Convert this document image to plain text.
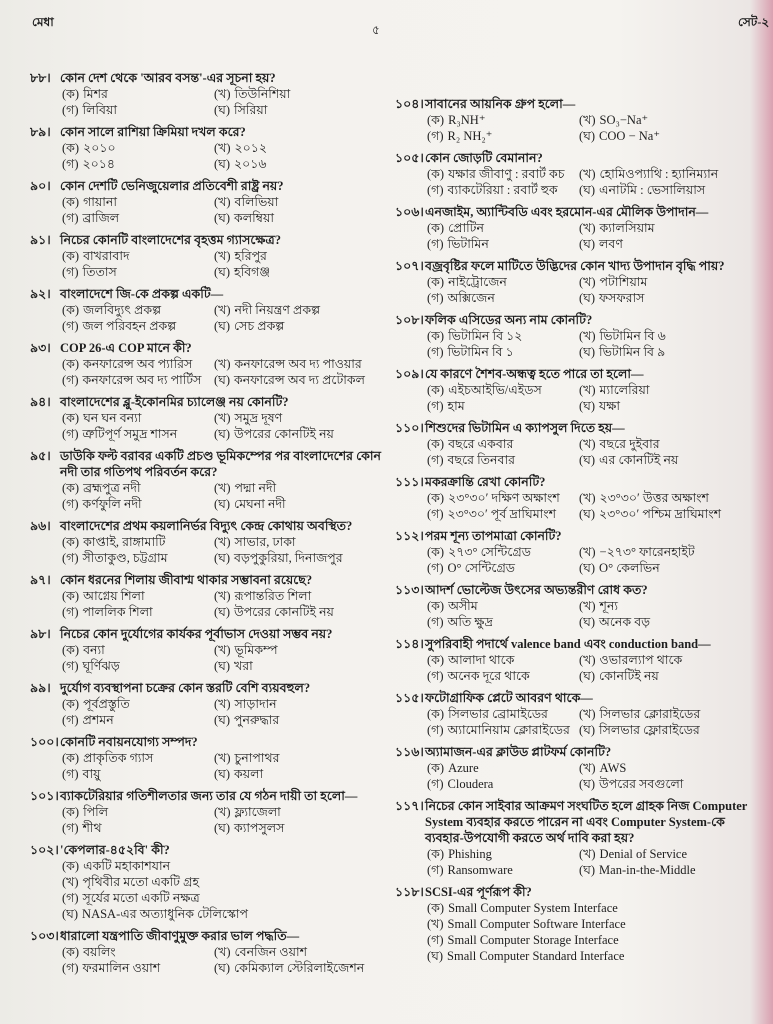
মেধা
৫
সেট-২
৮৮। কোন দেশ থেকে 'আরব বসন্ত'-এর সূচনা হয়?
(ক) মিশর	(খ) তিউনিশিয়া
(গ) লিবিয়া	(ঘ) সিরিয়া
৮৯। কোন সালে রাশিয়া ক্রিমিয়া দখল করে?
(ক) ২০১০	(খ) ২০১২
(গ) ২০১৪	(ঘ) ২০১৬
৯০। কোন দেশটি ভেনিজুয়েলার প্রতিবেশী রাষ্ট্র নয়?
(ক) গায়ানা	(খ) বলিভিয়া
(গ) ব্রাজিল	(ঘ) কলম্বিয়া
৯১। নিচের কোনটি বাংলাদেশের বৃহত্তম গ্যাসক্ষেত্র?
(ক) বাখরাবাদ	(খ) হরিপুর
(গ) তিতাস	(ঘ) হবিগঞ্জ
৯২। বাংলাদেশে জি-কে প্রকল্প একটি—
(ক) জলবিদ্যুৎ প্রকল্প	(খ) নদী নিয়ন্ত্রণ প্রকল্প
(গ) জল পরিবহন প্রকল্প	(ঘ) সেচ প্রকল্প
৯৩। COP 26-এ COP মানে কী?
(ক) কনফারেন্স অব প্যারিস	(খ) কনফারেন্স অব দ্য পাওয়ার
(গ) কনফারেন্স অব দ্য পার্টিস	(ঘ) কনফারেন্স অব দ্য প্রটোকল
৯৪। বাংলাদেশের ব্লু-ইকোনমির চ্যালেঞ্জ নয় কোনটি?
(ক) ঘন ঘন বন্যা	(খ) সমুদ্র দূষণ
(গ) ত্রুটিপূর্ণ সমুদ্র শাসন	(ঘ) উপরের কোনটিই নয়
৯৫। ডাউকি ফল্ট বরাবর একটি প্রচণ্ড ভূমিকম্পের পর বাংলাদেশের কোন নদী তার গতিপথ পরিবর্তন করে?
(ক) ব্রহ্মপুত্র নদী	(খ) পদ্মা নদী
(গ) কর্ণফুলি নদী	(ঘ) মেঘনা নদী
৯৬। বাংলাদেশের প্রথম কয়লানির্ভর বিদ্যুৎ কেন্দ্র কোথায় অবস্থিত?
(ক) কাপ্তাই, রাঙ্গামাটি	(খ) সাভার, ঢাকা
(গ) সীতাকুণ্ড, চট্টগ্রাম	(ঘ) বড়পুকুরিয়া, দিনাজপুর
৯৭। কোন ধরনের শিলায় জীবাশ্ম থাকার সম্ভাবনা রয়েছে?
(ক) আগ্নেয় শিলা	(খ) রূপান্তরিত শিলা
(গ) পাললিক শিলা	(ঘ) উপরের কোনটিই নয়
৯৮। নিচের কোন দুর্যোগের কার্যকর পূর্বাভাস দেওয়া সম্ভব নয়?
(ক) বন্যা	(খ) ভূমিকম্প
(গ) ঘূর্ণিঝড়	(ঘ) খরা
৯৯। দুর্যোগ ব্যবস্থাপনা চক্রের কোন স্তরটি বেশি ব্যয়বহুল?
(ক) পূর্বপ্রস্তুতি	(খ) সাড়াদান
(গ) প্রশমন	(ঘ) পুনরুদ্ধার
১০০। কোনটি নবায়নযোগ্য সম্পদ?
(ক) প্রাকৃতিক গ্যাস	(খ) চুনাপাথর
(গ) বায়ু	(ঘ) কয়লা
১০১। ব্যাকটেরিয়ার গতিশীলতার জন্য তার যে গঠন দায়ী তা হলো—
(ক) পিলি	(খ) ফ্ল্যাজেলা
(গ) শীথ	(ঘ) ক্যাপসুলস
১০২। 'কেপলার-৪৫২বি' কী?
(ক) একটি মহাকাশযান
(খ) পৃথিবীর মতো একটি গ্রহ
(গ) সূর্যের মতো একটি নক্ষত্র
(ঘ) NASA-এর অত্যাধুনিক টেলিস্কোপ
১০৩। ধারালো যন্ত্রপাতি জীবাণুমুক্ত করার ভাল পদ্ধতি—
(ক) বয়লিং	(খ) বেনজিন ওয়াশ
(গ) ফরমালিন ওয়াশ	(ঘ) কেমিক্যাল স্টেরিলাইজেশন
১০৪। সাবানের আয়নিক গ্রুপ হলো—
(ক) R₃NH⁺	(খ) SO₃−Na⁺
(গ) R₂ NH₂⁺	(ঘ) COO − Na⁺
১০৫। কোন জোড়টি বেমানান?
(ক) যক্ষার জীবাণু : রবার্ট কচ	(খ) হোমিওপ্যাথি : হ্যানিম্যান
(গ) ব্যাকটেরিয়া : রবার্ট হুক	(ঘ) এনাটমি : ভেসালিয়াস
১০৬। এনজাইম, অ্যান্টিবডি এবং হরমোন-এর মৌলিক উপাদান—
(ক) প্রোটিন	(খ) ক্যালসিয়াম
(গ) ভিটামিন	(ঘ) লবণ
১০৭। বজ্রবৃষ্টির ফলে মাটিতে উদ্ভিদের কোন খাদ্য উপাদান বৃদ্ধি পায়?
(ক) নাইট্রোজেন	(খ) পটাশিয়াম
(গ) অক্সিজেন	(ঘ) ফসফরাস
১০৮। ফলিক এসিডের অন্য নাম কোনটি?
(ক) ভিটামিন বি ১২	(খ) ভিটামিন বি ৬
(গ) ভিটামিন বি ১	(ঘ) ভিটামিন বি ৯
১০৯। যে কারণে শৈশব-অন্ধত্ব হতে পারে তা হলো—
(ক) এইচআইভি/এইডস	(খ) ম্যালেরিয়া
(গ) হাম	(ঘ) যক্ষা
১১০। শিশুদের ভিটামিন এ ক্যাপসুল দিতে হয়—
(ক) বছরে একবার	(খ) বছরে দুইবার
(গ) বছরে তিনবার	(ঘ) এর কোনটিই নয়
১১১। মকরক্রান্তি রেখা কোনটি?
(ক) ২৩°৩০′ দক্ষিণ অক্ষাংশ	(খ) ২৩°৩০′ উত্তর অক্ষাংশ
(গ) ২৩°৩০′ পূর্ব দ্রাঘিমাংশ	(ঘ) ২৩°৩০′ পশ্চিম দ্রাঘিমাংশ
১১২। পরম শূন্য তাপমাত্রা কোনটি?
(ক) ২৭৩° সেন্টিগ্রেড	(খ) −২৭৩° ফারেনহাইট
(গ) O° সেন্টিগ্রেড	(ঘ) O° কেলভিন
১১৩। আদর্শ ভোল্টেজ উৎসের অভ্যন্তরীণ রোধ কত?
(ক) অসীম	(খ) শূন্য
(গ) অতি ক্ষুদ্র	(ঘ) অনেক বড়
১১৪। সুপরিবাহী পদার্থে valence band এবং conduction band—
(ক) আলাদা থাকে	(খ) ওভারল্যাপ থাকে
(গ) অনেক দূরে থাকে	(ঘ) কোনটিই নয়
১১৫। ফটোগ্রাফিক প্লেটে আবরণ থাকে—
(ক) সিলভার ব্রোমাইডের	(খ) সিলভার ক্লোরাইডের
(গ) অ্যামোনিয়াম ক্লোরাইডের (ঘ) সিলভার ফ্লোরাইডের
১১৬। অ্যামাজন-এর ক্লাউড প্লাটফর্ম কোনটি?
(ক) Azure	(খ) AWS
(গ) Cloudera	(ঘ) উপরের সবগুলো
১১৭। নিচের কোন সাইবার আক্রমণ সংঘটিত হলে গ্রাহক নিজ Computer System ব্যবহার করতে পারেন না এবং Computer System-কে ব্যবহার-উপযোগী করতে অর্থ দাবি করা হয়?
(ক) Phishing	(খ) Denial of Service
(গ) Ransomware	(ঘ) Man-in-the-Middle
১১৮। SCSI-এর পূর্ণরূপ কী?
(ক) Small Computer System Interface
(খ) Small Computer Software Interface
(গ) Small Computer Storage Interface
(ঘ) Small Computer Standard Interface
